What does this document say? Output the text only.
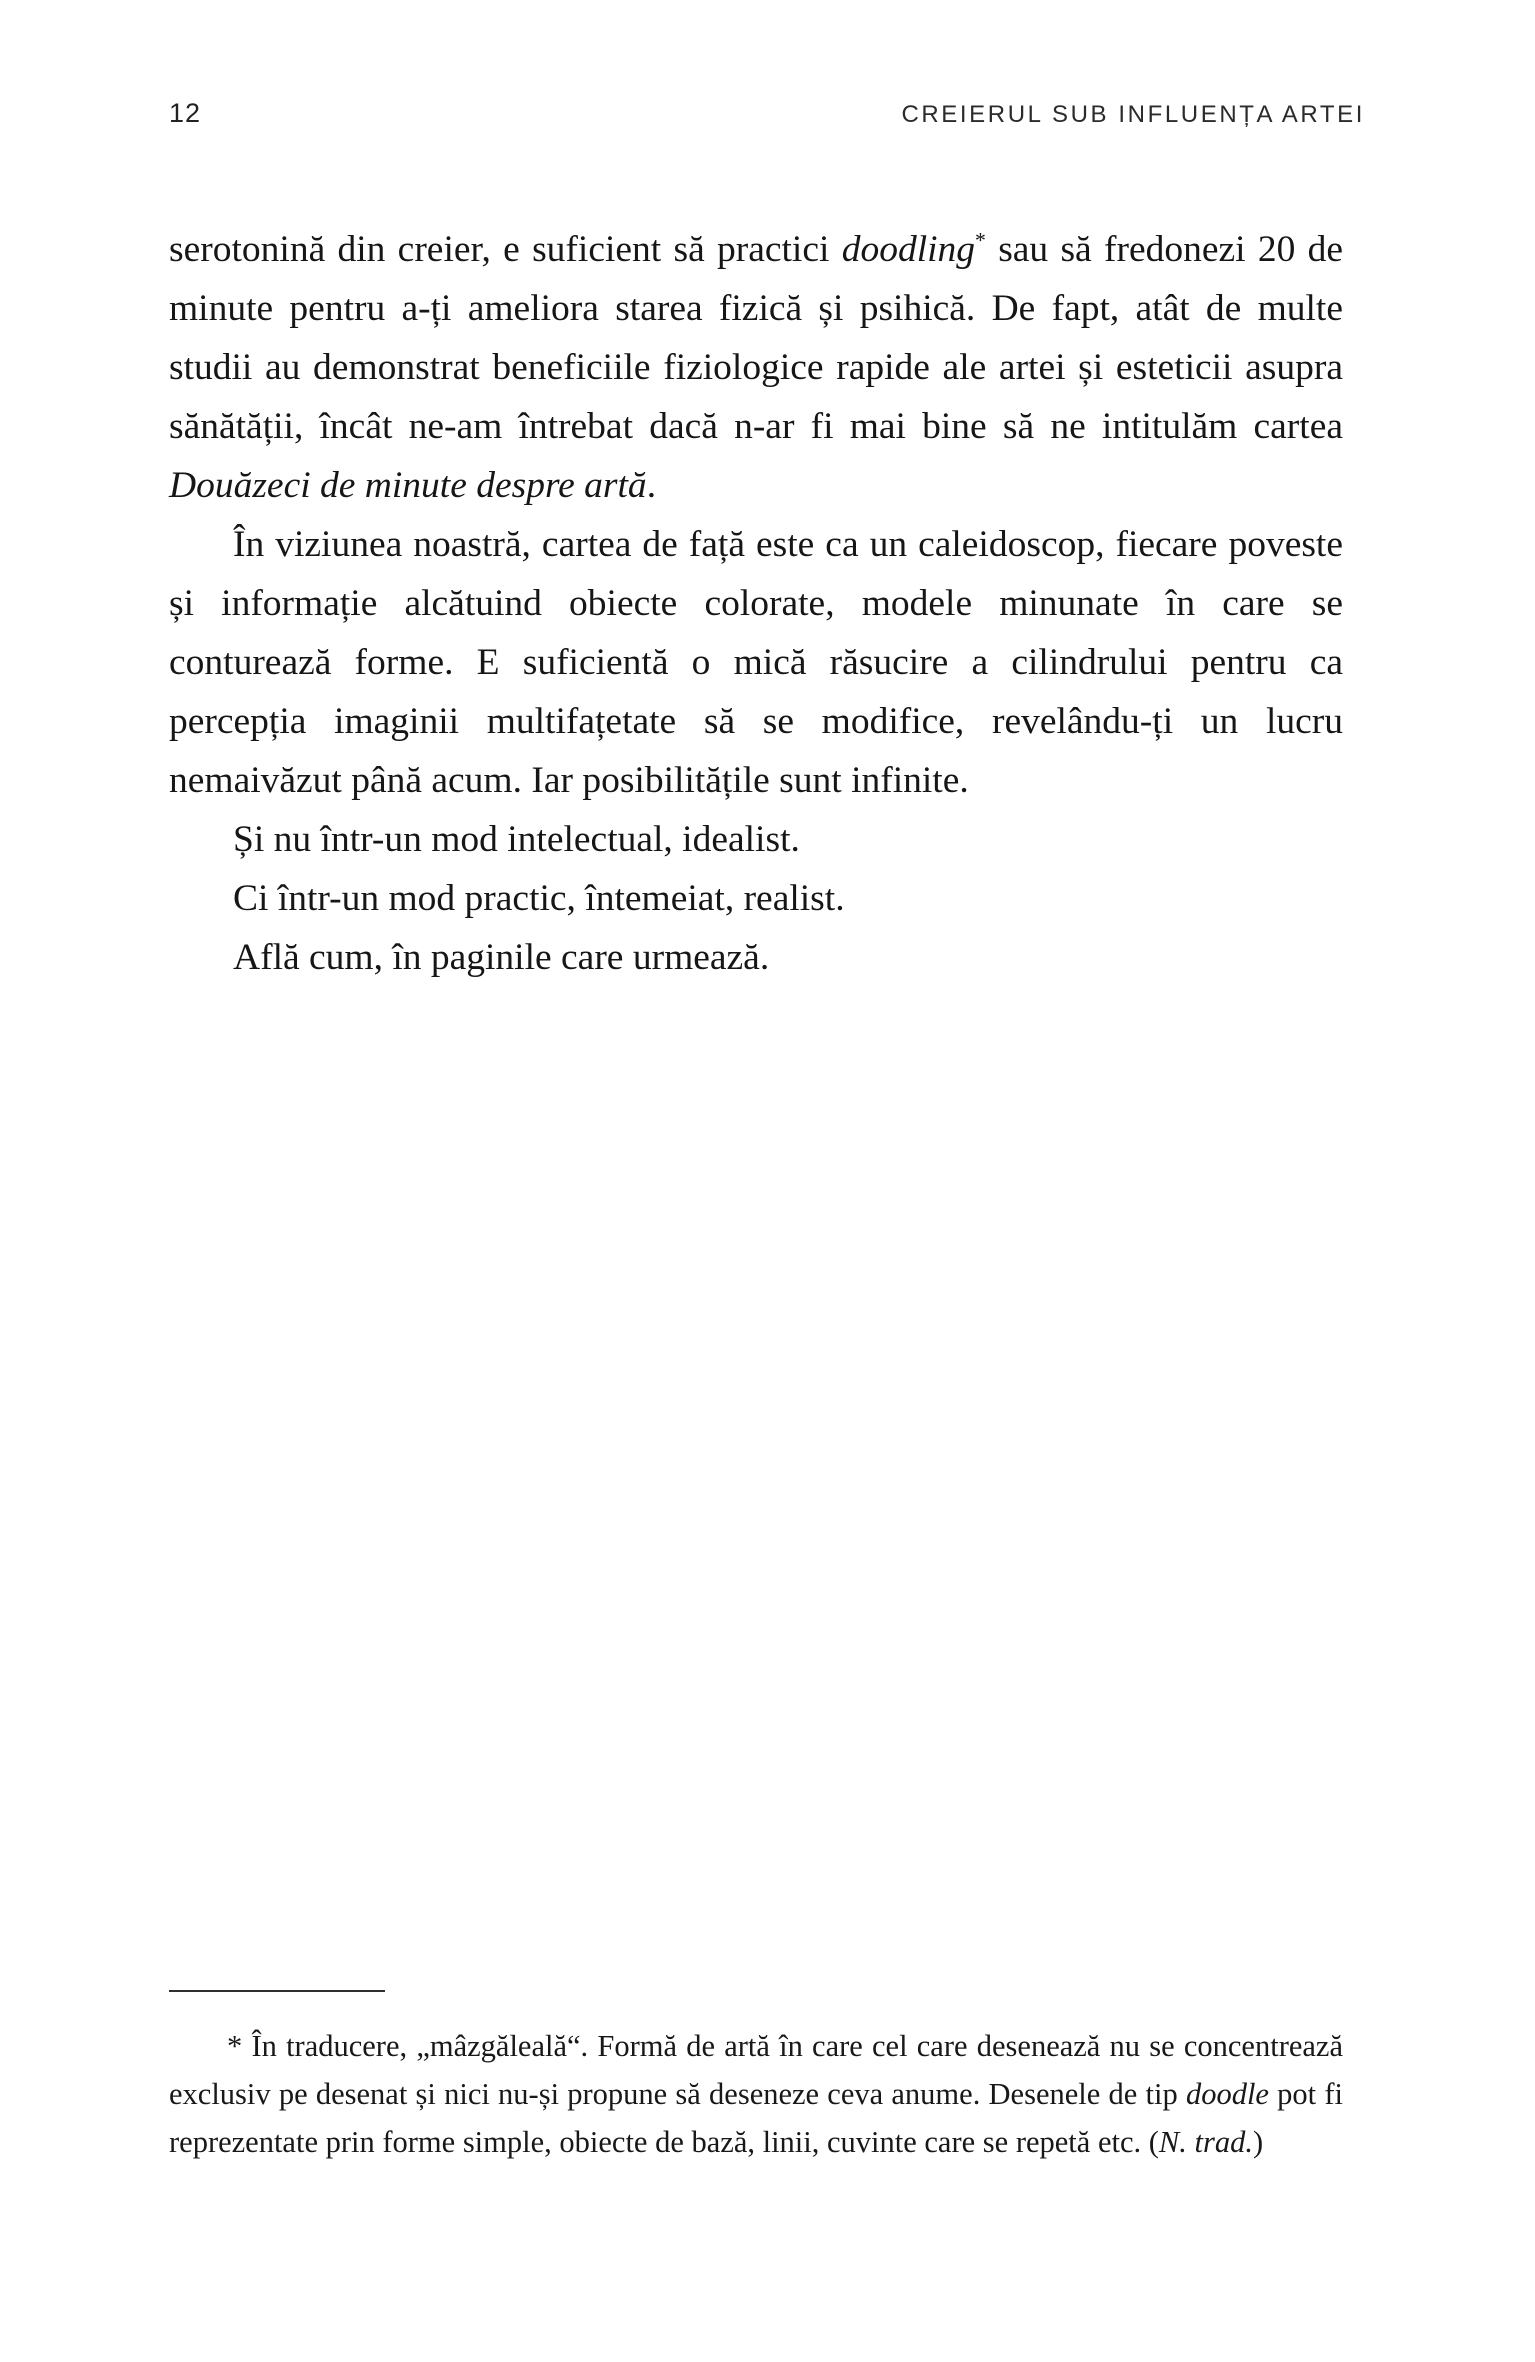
12	CREIERUL SUB INFLUENȚA ARTEI

serotonină din creier, e suficient să practici doodling* sau să fredonezi 20 de minute pentru a-ți ameliora starea fizică și psihică. De fapt, atât de multe studii au demonstrat beneficiile fiziologice rapide ale artei și esteticii asupra sănătății, încât ne-am întrebat dacă n-ar fi mai bine să ne intitulăm cartea Douăzeci de minute despre artă.

În viziunea noastră, cartea de față este ca un caleidoscop, fiecare poveste și informație alcătuind obiecte colorate, modele minunate în care se conturează forme. E suficientă o mică răsucire a cilindrului pentru ca percepția imaginii multifațetate să se modifice, revelându-ți un lucru nemaivăzut până acum. Iar posibilitățile sunt infinite.

Și nu într-un mod intelectual, idealist.

Ci într-un mod practic, întemeiat, realist.

Află cum, în paginile care urmează.

* În traducere, „mâzgăleală“. Formă de artă în care cel care desenează nu se concentrează exclusiv pe desenat și nici nu-și propune să deseneze ceva anume. Desenele de tip doodle pot fi reprezentate prin forme simple, obiecte de bază, linii, cuvinte care se repetă etc. (N. trad.)
